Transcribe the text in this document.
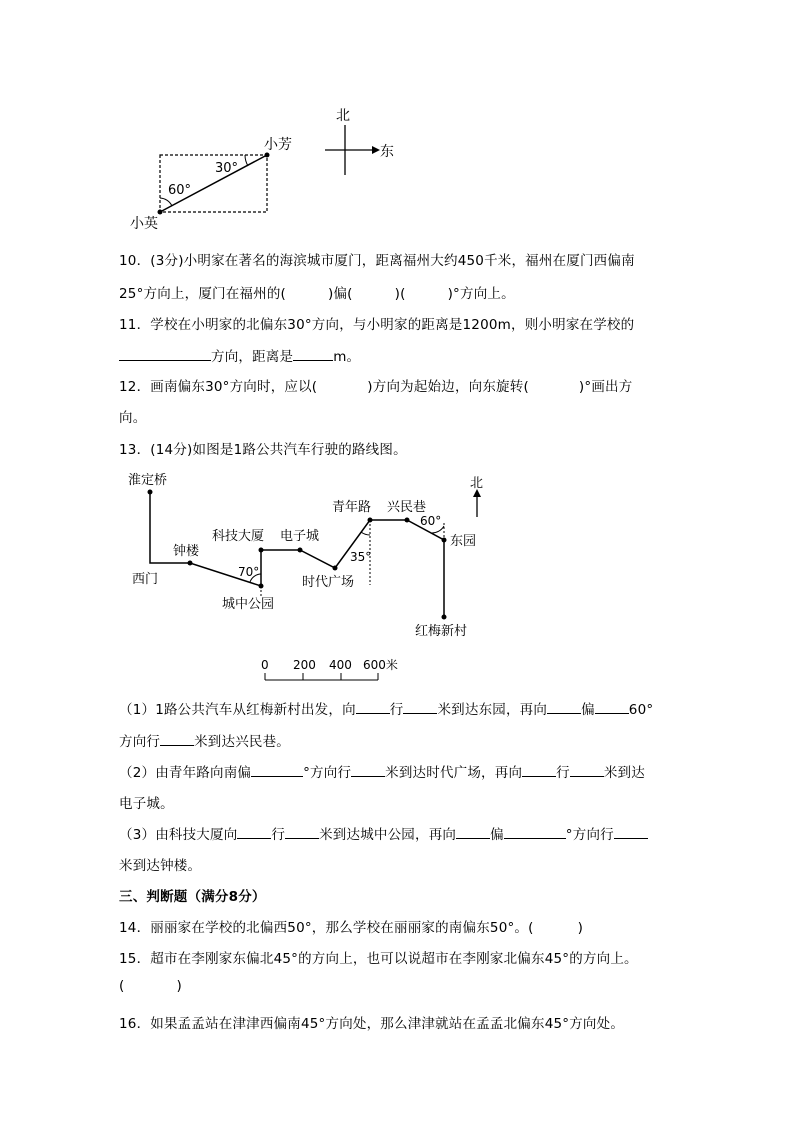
30°
60°
小芳
小英
北
东
10．(3分)小明家在著名的海滨城市厦门，距离福州大约450千米，福州在厦门西偏南
25°方向上，厦门在福州的(	)偏(	)(	)°方向上。
11．学校在小明家的北偏东30°方向，与小明家的距离是1200m，则小明家在学校的
方向，距离是	m。
12．画南偏东30°方向时，应以(	)方向为起始边，向东旋转(	)°画出方
向。
13．(14分)如图是1路公共汽车行驶的路线图。
淮定桥
西门
钟楼
科技大厦 电子城
城中公园
时代广场
青年路 兴民巷
东园
红梅新村
70°
35°
60°
北
0 200 400 600米
（1）1路公共汽车从红梅新村出发，向	行	米到达东园，再向	偏	60°
方向行	米到达兴民巷。
（2）由青年路向南偏	°方向行	米到达时代广场，再向	行	米到达
电子城。
（3）由科技大厦向	行	米到达城中公园，再向	偏	°方向行
米到达钟楼。
三、判断题（满分8分）
14．丽丽家在学校的北偏西50°，那么学校在丽丽家的南偏东50°。(	)
15．超市在李刚家东偏北45°的方向上，也可以说超市在李刚家北偏东45°的方向上。
(	)
16．如果孟孟站在津津西偏南45°方向处，那么津津就站在孟孟北偏东45°方向处。
